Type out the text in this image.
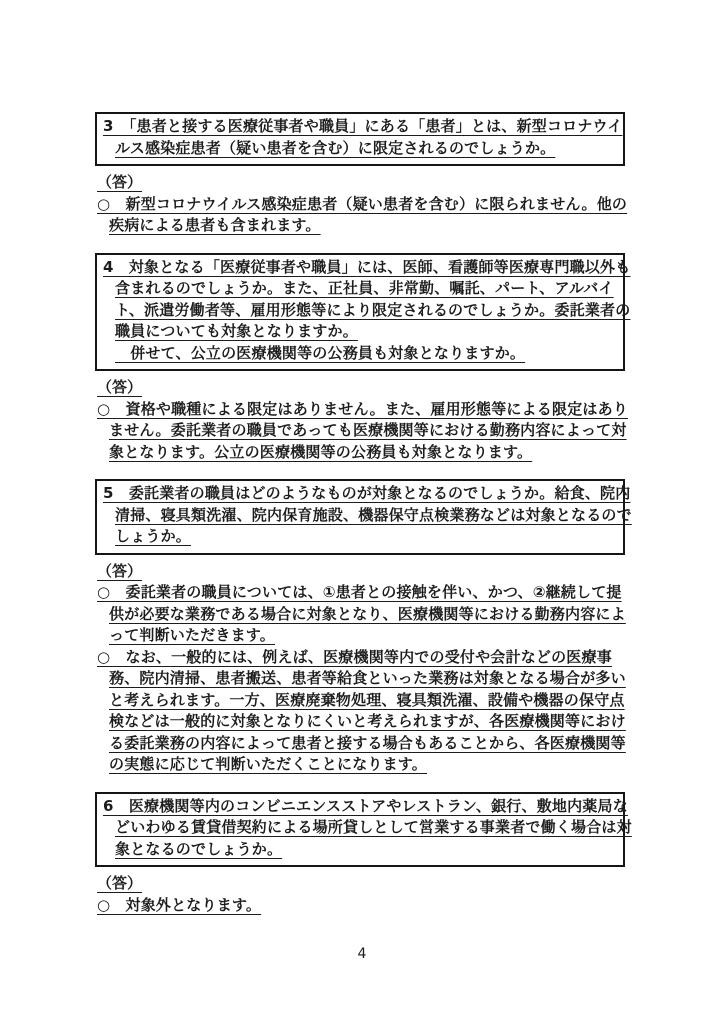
3　「患者と接する医療従事者や職員」にある「患者」とは、新型コロナウイ
ルス感染症患者（疑い患者を含む）に限定されるのでしょうか。
（答）
○　新型コロナウイルス感染症患者（疑い患者を含む）に限られません。他の
疾病による患者も含まれます。
4　対象となる「医療従事者や職員」には、医師、看護師等医療専門職以外も
含まれるのでしょうか。また、正社員、非常勤、嘱託、パート、アルバイ
ト、派遣労働者等、雇用形態等により限定されるのでしょうか。委託業者の
職員についても対象となりますか。
　併せて、公立の医療機関等の公務員も対象となりますか。
（答）
○　資格や職種による限定はありません。また、雇用形態等による限定はあり
ません。委託業者の職員であっても医療機関等における勤務内容によって対
象となります。公立の医療機関等の公務員も対象となります。
5　委託業者の職員はどのようなものが対象となるのでしょうか。給食、院内
清掃、寝具類洗濯、院内保育施設、機器保守点検業務などは対象となるので
しょうか。
（答）
○　委託業者の職員については、①患者との接触を伴い、かつ、②継続して提
供が必要な業務である場合に対象となり、医療機関等における勤務内容によ
って判断いただきます。
○　なお、一般的には、例えば、医療機関等内での受付や会計などの医療事
務、院内清掃、患者搬送、患者等給食といった業務は対象となる場合が多い
と考えられます。一方、医療廃棄物処理、寝具類洗濯、設備や機器の保守点
検などは一般的に対象となりにくいと考えられますが、各医療機関等におけ
る委託業務の内容によって患者と接する場合もあることから、各医療機関等
の実態に応じて判断いただくことになります。
6　医療機関等内のコンビニエンスストアやレストラン、銀行、敷地内薬局な
どいわゆる賃貸借契約による場所貸しとして営業する事業者で働く場合は対
象となるのでしょうか。
（答）
○　対象外となります。
4
